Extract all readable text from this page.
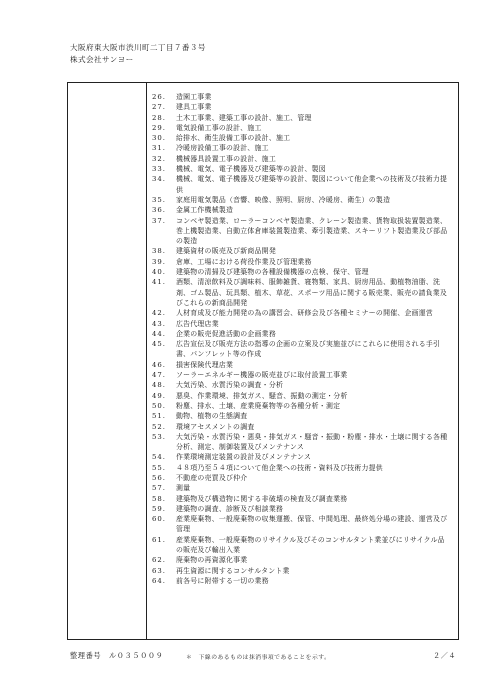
大阪府東大阪市渋川町二丁目７番３号
株式会社サンヨー
26.	造園工事業
27.	建具工事業
28.	土木工事業、建築工事の設計、施工、管理
29.	電気設備工事の設計、施工
30.	給排水、衛生設備工事の設計、施工
31.	冷暖房設備工事の設計、施工
32.	機械器具設置工事の設計、施工
33.	機械、電気、電子機器及び建築等の設計、製図
34.	機械、電気、電子機器及び建築等の設計、製図について他企業への技術及び技術力提供
35.	家庭用電気製品（音響、映像、照明、厨房、冷暖房、衛生）の製造
36.	金属工作機械製造
37.	コンベヤ製造業、ローラーコンベヤ製造業、クレーン製造業、貨物取扱装置製造業、巻上機製造業、自動立体倉庫装置製造業、牽引製造業、スキーリフト製造業及び部品の製造
38.	建築資材の販売及び新商品開発
39.	倉庫、工場における荷役作業及び管理業務
40.	建築物の清掃及び建築物の各種設備機器の点検、保守、管理
41.	酒類、清涼飲料及び調味料、服飾雑貨、寝物類、家具、厨房用品、動植物油脂、洗剤、ゴム製品、玩具類、植木、草花、スポーツ用品に関する販売業、販売の請負業及びこれらの新商品開発
42.	人材育成及び能力開発の為の講習会、研修会及び各種セミナーの開催、企画運営
43.	広告代理店業
44.	企業の販売促進活動の企画業務
45.	広告宣伝及び販売方法の指導の企画の立案及び実施並びにこれらに使用される手引書、パンフレット等の作成
46.	損害保険代理店業
47.	ソーラーエネルギー機器の販売並びに取付設置工事業
48.	大気汚染、水質汚染の調査・分析
49.	悪臭、作業環境、排気ガス、騒音、振動の測定・分析
50.	粉塵、排水、土壌、産業廃棄物等の各種分析・測定
51.	動物、植物の生態調査
52.	環境アセスメントの調査
53.	大気汚染・水質汚染・悪臭・排気ガス・騒音・振動・粉塵・排水・土壌に関する各種分析、測定、制御装置及びメンテナンス
54.	作業環境測定装置の設計及びメンテナンス
55.	４８項乃至５４項について他企業への技術・資料及び技術力提供
56.	不動産の売買及び仲介
57.	測量
58.	建築物及び構造物に関する非破壊の検査及び調査業務
59.	建築物の調査、診断及び相談業務
60.	産業廃棄物、一般廃棄物の収集運搬、保管、中間処理、最終処分場の建設、運営及び管理
61.	産業廃棄物、一般廃棄物のリサイクル及びそのコンサルタント業並びにリサイクル品の販売及び輸出入業
62.	廃棄物の再資源化事業
63.	再生資源に関するコンサルタント業
64.	前各号に附帯する一切の業務
整理番号　ル０３５００９	＊　下線のあるものは抹消事項であることを示す。	２／４
